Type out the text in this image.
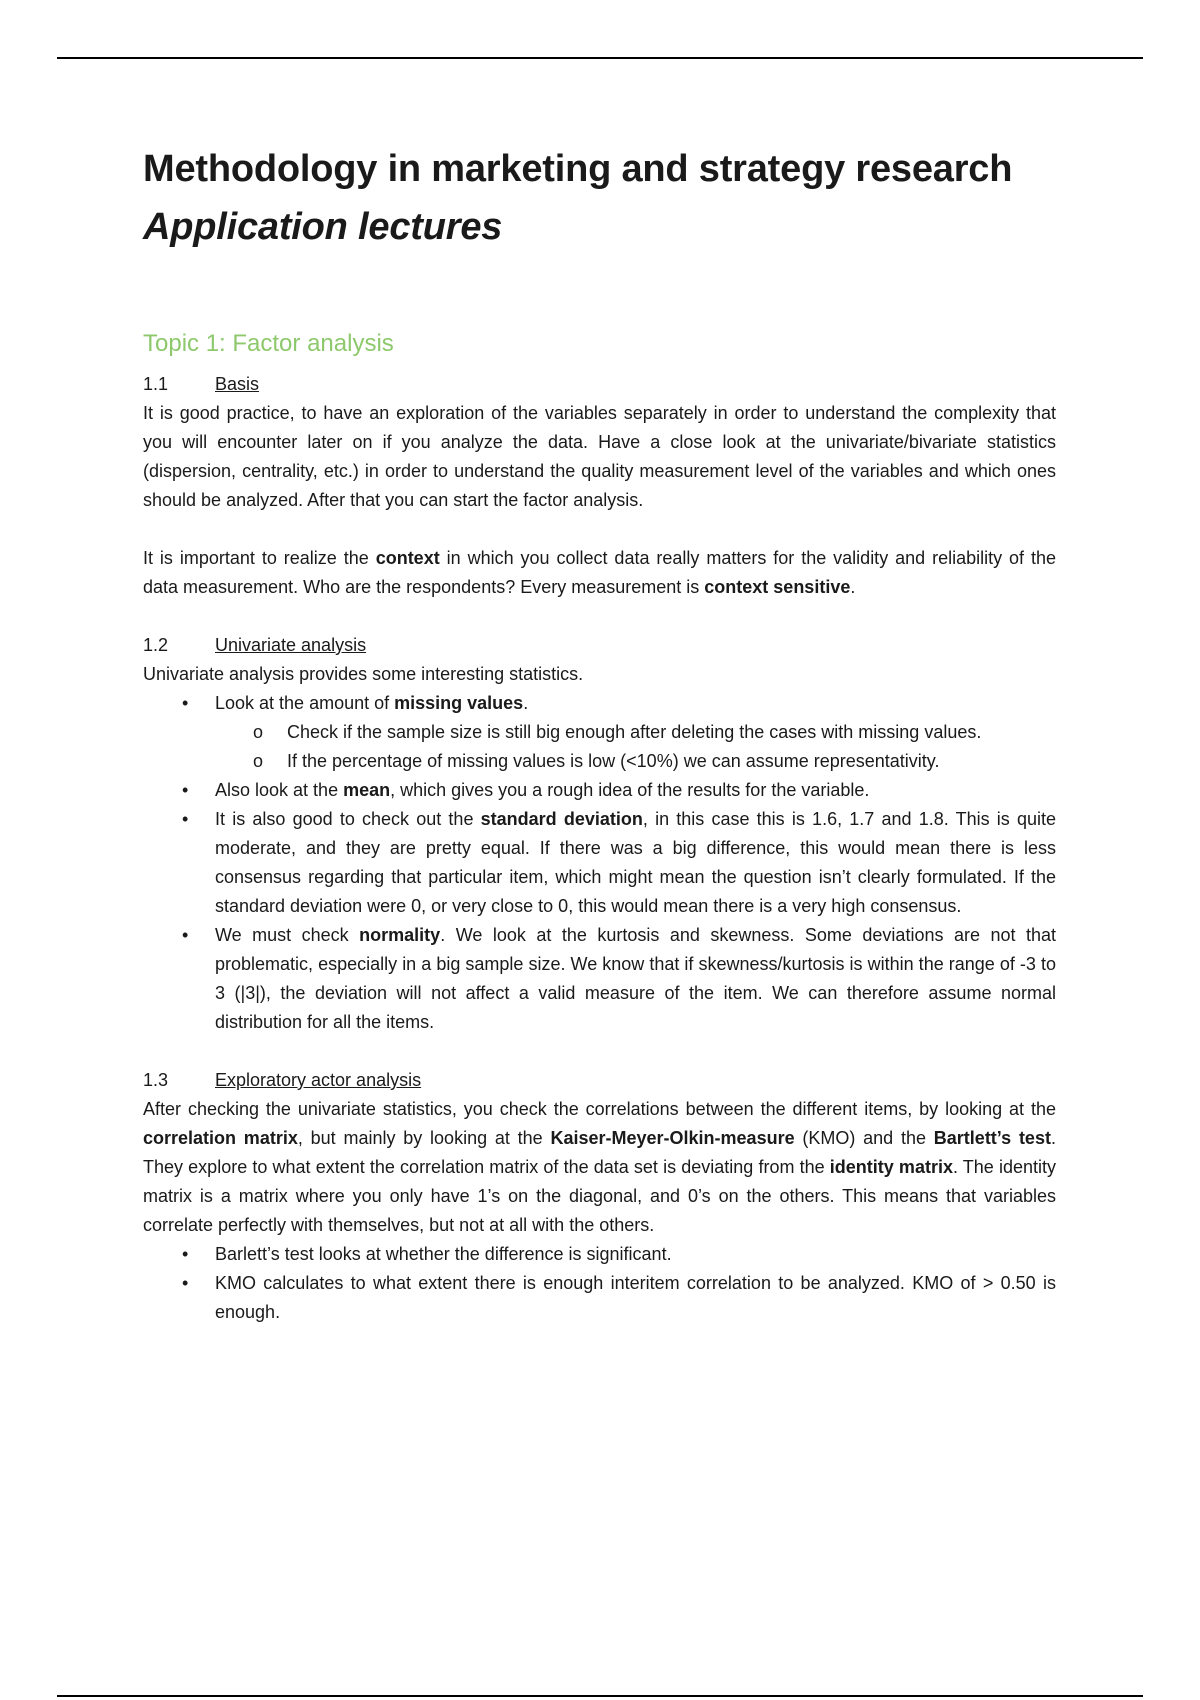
Methodology in marketing and strategy research
Application lectures
Topic 1: Factor analysis
1.1	Basis

It is good practice, to have an exploration of the variables separately in order to understand the complexity that you will encounter later on if you analyze the data. Have a close look at the univariate/bivariate statistics (dispersion, centrality, etc.) in order to understand the quality measurement level of the variables and which ones should be analyzed. After that you can start the factor analysis.

It is important to realize the context in which you collect data really matters for the validity and reliability of the data measurement. Who are the respondents? Every measurement is context sensitive.

1.2	Univariate analysis

Univariate analysis provides some interesting statistics.

• Look at the amount of missing values.
o Check if the sample size is still big enough after deleting the cases with missing values.
o If the percentage of missing values is low (<10%) we can assume representativity.
• Also look at the mean, which gives you a rough idea of the results for the variable.
• It is also good to check out the standard deviation, in this case this is 1.6, 1.7 and 1.8. This is quite moderate, and they are pretty equal. If there was a big difference, this would mean there is less consensus regarding that particular item, which might mean the question isn’t clearly formulated. If the standard deviation were 0, or very close to 0, this would mean there is a very high consensus.
• We must check normality. We look at the kurtosis and skewness. Some deviations are not that problematic, especially in a big sample size. We know that if skewness/kurtosis is within the range of -3 to 3 (|3|), the deviation will not affect a valid measure of the item. We can therefore assume normal distribution for all the items.
1.3	Exploratory actor analysis

After checking the univariate statistics, you check the correlations between the different items, by looking at the correlation matrix, but mainly by looking at the Kaiser-Meyer-Olkin-measure (KMO) and the Bartlett’s test. They explore to what extent the correlation matrix of the data set is deviating from the identity matrix. The identity matrix is a matrix where you only have 1’s on the diagonal, and 0’s on the others. This means that variables correlate perfectly with themselves, but not at all with the others.

• Barlett’s test looks at whether the difference is significant.
• KMO calculates to what extent there is enough interitem correlation to be analyzed. KMO of > 0.50 is enough.
